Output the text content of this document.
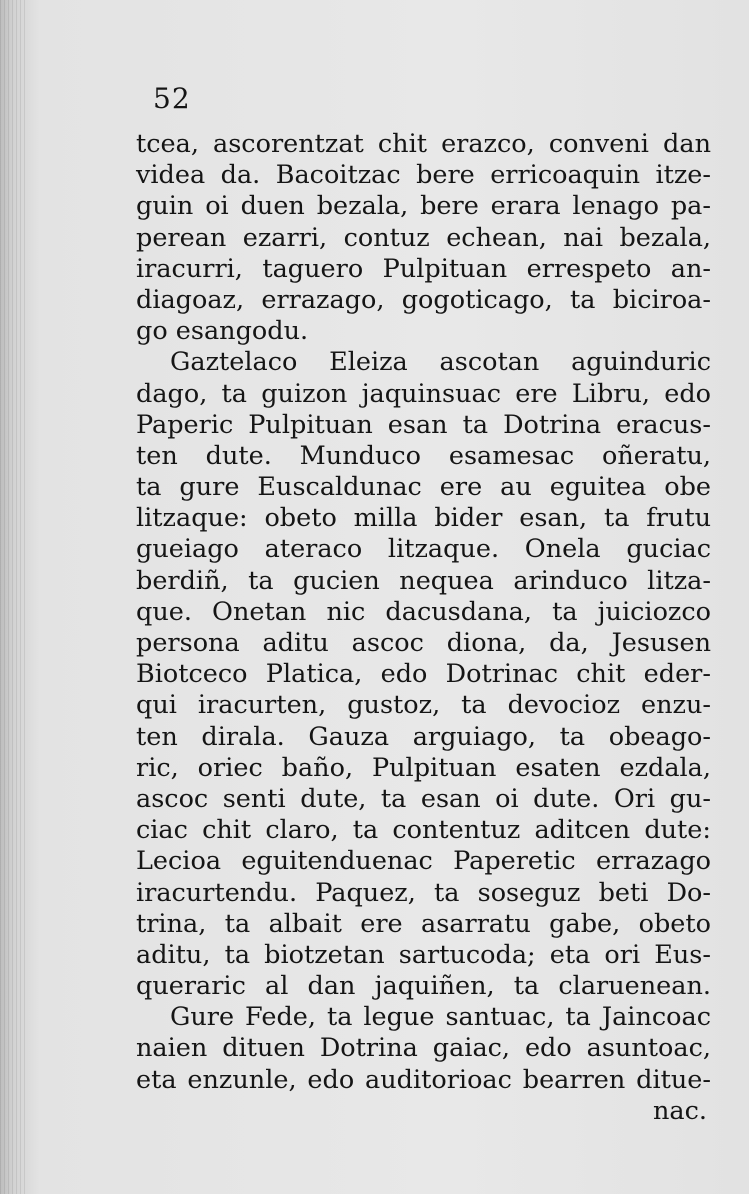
52
tcea, ascorentzat chit erazco, conveni dan
videa da. Bacoitzac bere erricoaquin itze-
guin oi duen bezala, bere erara lenago pa-
perean ezarri, contuz echean, nai bezala,
iracurri, taguero Pulpituan errespeto an-
diagoaz, errazago, gogoticago, ta biciroa-
go esangodu.
Gaztelaco Eleiza ascotan aguinduric
dago, ta guizon jaquinsuac ere Libru, edo
Paperic Pulpituan esan ta Dotrina eracus-
ten dute. Munduco esamesac oñeratu,
ta gure Euscaldunac ere au eguitea obe
litzaque: obeto milla bider esan, ta frutu
gueiago ateraco litzaque. Onela guciac
berdiñ, ta gucien nequea arinduco litza-
que. Onetan nic dacusdana, ta juiciozco
persona aditu ascoc diona, da, Jesusen
Biotceco Platica, edo Dotrinac chit eder-
qui iracurten, gustoz, ta devocioz enzu-
ten dirala. Gauza arguiago, ta obeago-
ric, oriec baño, Pulpituan esaten ezdala,
ascoc senti dute, ta esan oi dute. Ori gu-
ciac chit claro, ta contentuz aditcen dute:
Lecioa eguitenduenac Paperetic errazago
iracurtendu. Paquez, ta soseguz beti Do-
trina, ta albait ere asarratu gabe, obeto
aditu, ta biotzetan sartucoda; eta ori Eus-
queraric al dan jaquiñen, ta claruenean.
Gure Fede, ta legue santuac, ta Jaincoac
naien dituen Dotrina gaiac, edo asuntoac,
eta enzunle, edo auditorioac bearren ditue-
nac.
